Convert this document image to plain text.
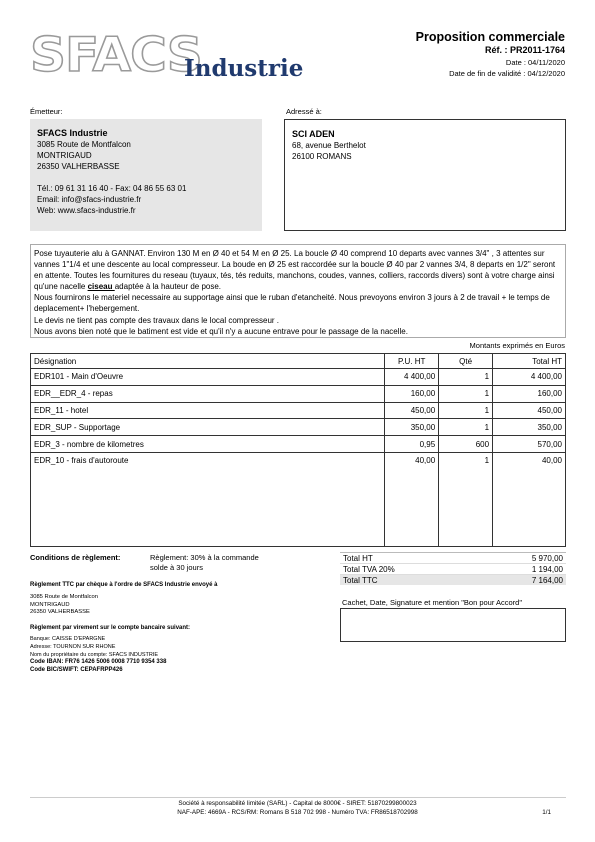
SFACS
Industrie
Proposition commerciale
Réf. : PR2011-1764
Date : 04/11/2020
Date de fin de validité : 04/12/2020
Émetteur:
SFACS Industrie
3085 Route de Montfalcon
MONTRIGAUD
26350 VALHERBASSE
Tél.: 09 61 31 16 40 - Fax: 04 86 55 63 01
Email: info@sfacs-industrie.fr
Web: www.sfacs-industrie.fr
Adressé à:
SCI ADEN
68, avenue Berthelot
26100 ROMANS
Pose tuyauterie alu à GANNAT. Environ 130 M en Ø 40 et 54 M en Ø 25. La boucle Ø 40 comprend 10 departs avec vannes 3/4" , 3 attentes sur vannes 1"1/4 et une descente au local compresseur. La boude en Ø 25 est raccordée sur la boucle Ø 40 par 2 vannes 3/4, 8 departs en 1/2" seront en attente. Toutes les fournitures du reseau (tuyaux, tés, tés reduits, manchons, coudes, vannes, colliers, raccords divers) sont à votre charge ainsi qu'une nacelle ciseau adaptée à la hauteur de pose.
Nous fournirons le materiel necessaire au supportage ainsi que le ruban d'etancheité. Nous prevoyons environ 3 jours à 2 de travail + le temps de deplacement+ l'hebergement.
Le devis ne tient pas compte des travaux dans le local compresseur .
Nous avons bien noté que le batiment est vide et qu'il n'y a aucune entrave pour le passage de la nacelle.
Montants exprimés en Euros
Désignation	P.U. HT	Qté	Total HT
EDR101 - Main d'Oeuvre	4 400,00	1	4 400,00
EDR__EDR_4 - repas	160,00	1	160,00
EDR_11 - hotel	450,00	1	450,00
EDR_SUP - Supportage	350,00	1	350,00
EDR_3 - nombre de kilometres	0,95	600	570,00
EDR_10 - frais d'autoroute	40,00	1	40,00
Conditions de règlement:	Règlement: 30% à la commande
solde à 30 jours
Règlement TTC par chèque à l'ordre de SFACS Industrie envoyé à
3085 Route de Montfalcon
MONTRIGAUD
26350 VALHERBASSE
Règlement par virement sur le compte bancaire suivant:
Banque: CAISSE D'EPARGNE
Adresse: TOURNON SUR RHONE
Nom du propriétaire du compte: SFACS INDUSTRIE
Code IBAN: FR76 1426 5006 0008 7710 9354 338
Code BIC/SWIFT: CEPAFRPP426
Total HT	5 970,00
Total TVA 20%	1 194,00
Total TTC	7 164,00
Cachet, Date, Signature et mention "Bon pour Accord"
Société à responsabilité limitée (SARL) - Capital de 8000€ - SIRET: 51870299800023
NAF-APE: 4669A - RCS/RM: Romans B 518 702 998 - Numéro TVA: FR86518702998	1/1
